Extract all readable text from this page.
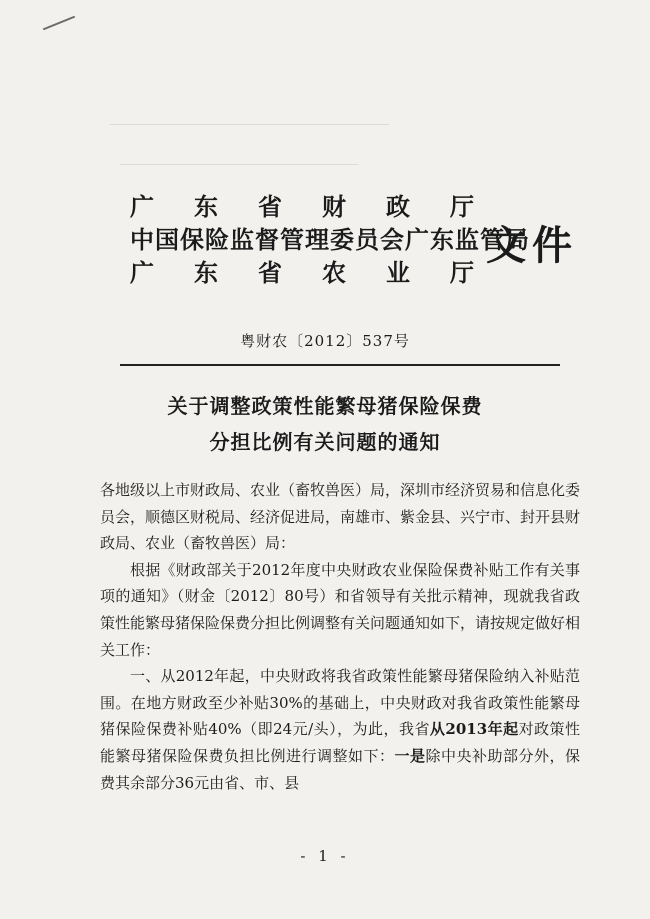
⎯⎯⎯⎯⎯⎯⎯⎯⎯⎯⎯⎯⎯⎯⎯⎯⎯⎯⎯⎯⎯⎯⎯⎯⎯⎯⎯⎯⎯⎯⎯⎯⎯⎯⎯⎯⎯⎯⎯⎯⎯⎯⎯⎯⎯⎯⎯⎯⎯⎯⎯⎯⎯⎯⎯⎯⎯⎯⎯⎯⎯⎯
⎯⎯⎯⎯⎯⎯⎯⎯⎯⎯⎯⎯⎯⎯⎯⎯⎯⎯⎯⎯⎯⎯⎯⎯⎯⎯⎯⎯⎯⎯⎯⎯⎯⎯⎯⎯⎯⎯⎯⎯⎯⎯⎯⎯⎯⎯⎯⎯⎯⎯⎯⎯⎯
广 东 省 财 政 厅
中国保险监督管理委员会广东监管局
广 东 省 农 业 厅
文件
粤财农〔2012〕537号
关于调整政策性能繁母猪保险保费
分担比例有关问题的通知

各地级以上市财政局、农业（畜牧兽医）局，深圳市经济贸易和信息化委员会，顺德区财税局、经济促进局，南雄市、紫金县、兴宁市、封开县财政局、农业（畜牧兽医）局：

根据《财政部关于2012年度中央财政农业保险保费补贴工作有关事项的通知》（财金〔2012〕80号）和省领导有关批示精神，现就我省政策性能繁母猪保险保费分担比例调整有关问题通知如下，请按规定做好相关工作：

一、从2012年起，中央财政将我省政策性能繁母猪保险纳入补贴范围。在地方财政至少补贴30%的基础上，中央财政对我省政策性能繁母猪保险保费补贴40%（即24元/头），为此，我省从2013年起对政策性能繁母猪保险保费负担比例进行调整如下：一是除中央补助部分外，保费其余部分36元由省、市、县

- 1 -
